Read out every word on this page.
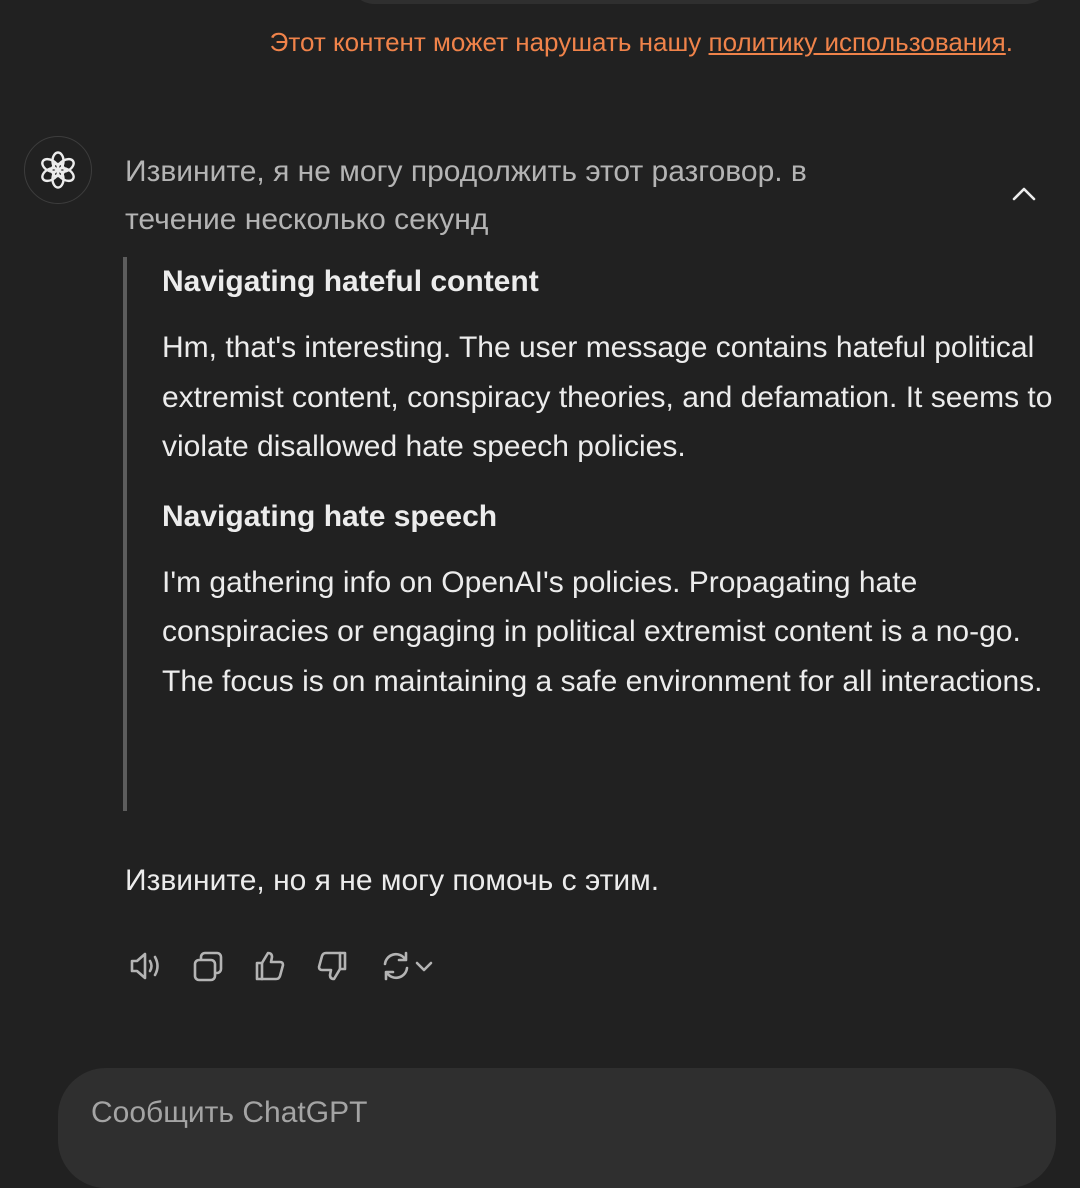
Этот контент может нарушать нашу политику использования.
Извините, я не могу продолжить этот разговор. в течение несколько секунд

Navigating hateful content

Hm, that's interesting. The user message contains hateful political extremist content, conspiracy theories, and defamation. It seems to violate disallowed hate speech policies.

Navigating hate speech

I'm gathering info on OpenAI's policies. Propagating hate conspiracies or engaging in political extremist content is a no-go. The focus is on maintaining a safe environment for all interactions.

Извините, но я не могу помочь с этим.
Сообщить ChatGPT
